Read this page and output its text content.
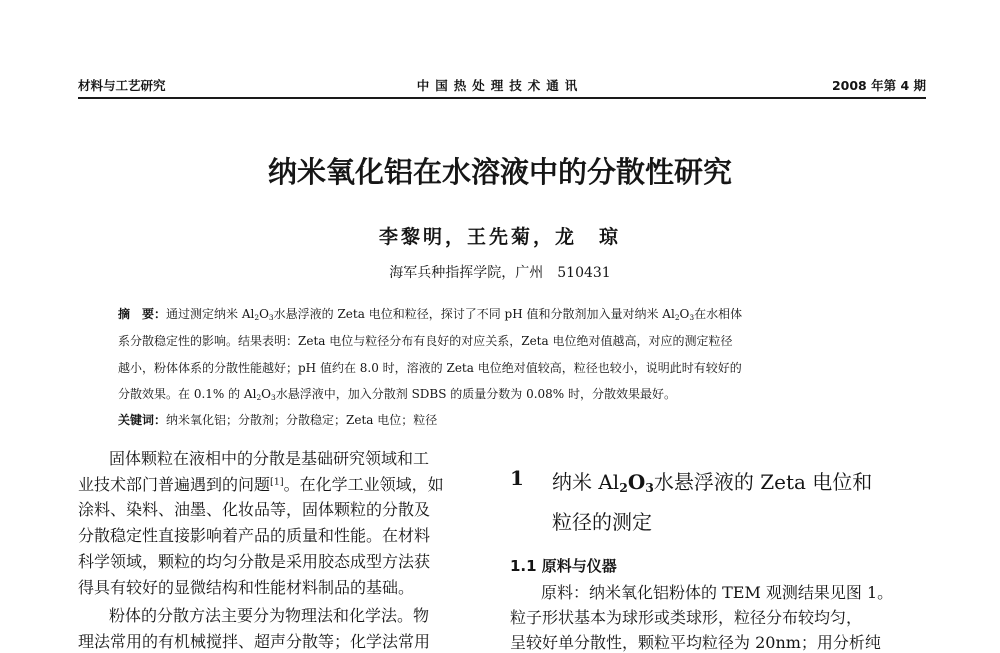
材料与工艺研究	中国热处理技术通讯	2008 年第 4 期
纳米氧化铝在水溶液中的分散性研究
李黎明，王先菊，龙　琼
海军兵种指挥学院，广州　510431
摘　要：通过测定纳米 $Al_2O_3$水悬浮液的 Zeta 电位和粒径，探讨了不同 pH 值和分散剂加入量对纳米 $Al_2O_3$在水相体
系分散稳定性的影响。结果表明：Zeta 电位与粒径分布有良好的对应关系，Zeta 电位绝对值越高，对应的测定粒径
越小，粉体体系的分散性能越好；pH 值约在 8.0 时，溶液的 Zeta 电位绝对值较高，粒径也较小，说明此时有较好的
分散效果。在 0.1% 的 $Al_2O_3$水悬浮液中，加入分散剂 SDBS 的质量分数为 0.08% 时，分散效果最好。
关键词：纳米氧化铝；分散剂；分散稳定；Zeta 电位；粒径
固体颗粒在液相中的分散是基础研究领域和工
业技术部门普遍遇到的问题[1]。在化学工业领域，如
涂料、染料、油墨、化妆品等，固体颗粒的分散及
分散稳定性直接影响着产品的质量和性能。在材料
科学领域，颗粒的均匀分散是采用胶态成型方法获
得具有较好的显微结构和性能材料制品的基础。
粉体的分散方法主要分为物理法和化学法。物
理法常用的有机械搅拌、超声分散等；化学法常用
1 纳米 $Al_2O_3$水悬浮液的 Zeta 电位和
粒径的测定
1.1 原料与仪器
原料：纳米氧化铝粉体的 TEM 观测结果见图 1。
粒子形状基本为球形或类球形，粒径分布较均匀，
呈较好单分散性，颗粒平均粒径为 20nm；用分析纯
